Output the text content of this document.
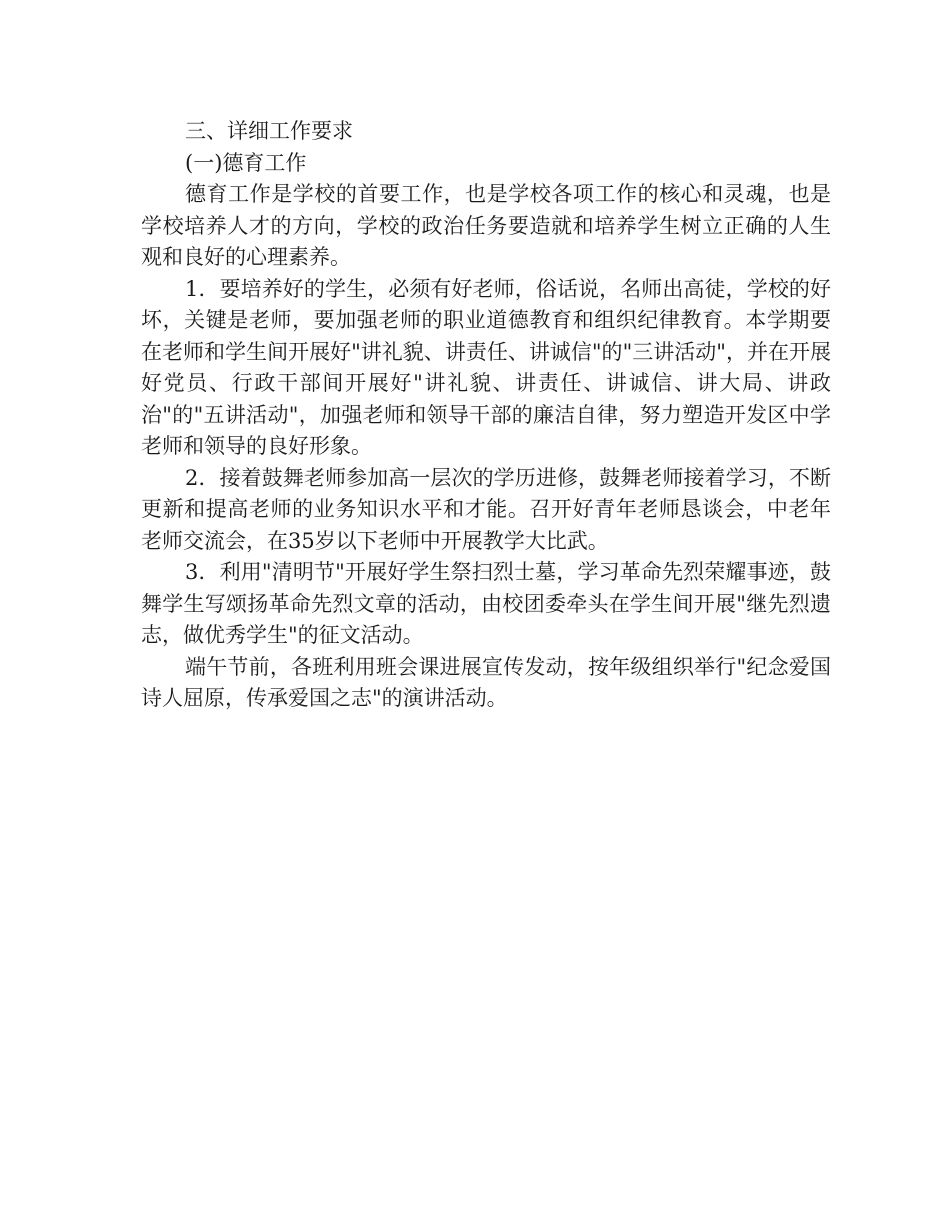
三、详细工作要求
(一)德育工作

德育工作是学校的首要工作，也是学校各项工作的核心和灵魂，也是学校培养人才的方向，学校的政治任务要造就和培养学生树立正确的人生观和良好的心理素养。

1．要培养好的学生，必须有好老师，俗话说，名师出高徒，学校的好坏，关键是老师，要加强老师的职业道德教育和组织纪律教育。本学期要在老师和学生间开展好"讲礼貌、讲责任、讲诚信"的"三讲活动"，并在开展好党员、行政干部间开展好"讲礼貌、讲责任、讲诚信、讲大局、讲政治"的"五讲活动"，加强老师和领导干部的廉洁自律，努力塑造开发区中学老师和领导的良好形象。

2．接着鼓舞老师参加高一层次的学历进修，鼓舞老师接着学习，不断更新和提高老师的业务知识水平和才能。召开好青年老师恳谈会，中老年老师交流会，在35岁以下老师中开展教学大比武。

3．利用"清明节"开展好学生祭扫烈士墓，学习革命先烈荣耀事迹，鼓舞学生写颂扬革命先烈文章的活动，由校团委牵头在学生间开展"继先烈遗志，做优秀学生"的征文活动。

端午节前，各班利用班会课进展宣传发动，按年级组织举行"纪念爱国诗人屈原，传承爱国之志"的演讲活动。
